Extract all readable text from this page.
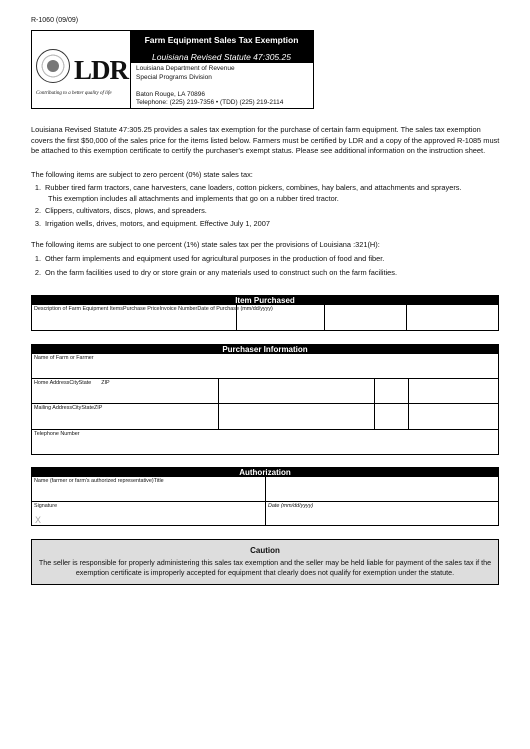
R-1060 (09/09)
LDR
Contributing to a better quality of life
Farm Equipment Sales Tax Exemption
Louisiana Revised Statute 47:305.25
Louisiana Department of Revenue
Special Programs Division
Baton Rouge, LA 70896
Telephone: (225) 219-7356 • (TDD) (225) 219-2114
Louisiana Revised Statute 47:305.25 provides a sales tax exemption for the purchase of certain farm equipment. The sales tax exemption covers the first $50,000 of the sales price for the items listed below. Farmers must be certified by LDR and a copy of the approved R-1085 must be attached to this exemption certificate to certify the purchaser's exempt status. Please see additional information on the instruction sheet.
The following items are subject to zero percent (0%) state sales tax:
1. Rubber tired farm tractors, cane harvesters, cane loaders, cotton pickers, combines, hay balers, and attachments and sprayers.
This exemption includes all attachments and implements that go on a rubber tired tractor.
2. Clippers, cultivators, discs, plows, and spreaders.
3. Irrigation wells, drives, motors, and equipment. Effective July 1, 2007
The following items are subject to one percent (1%) state sales tax per the provisions of Louisiana :321(H):
1. Other farm implements and equipment used for agricultural purposes in the production of food and fiber.
2. On the farm facilities used to dry or store grain or any materials used to construct such on the farm facilities.
Item Purchased
Description of Farm Equipment ItemsPurchase PriceInvoice NumberDate of Purchase (mm/dd/yyyy)
Purchaser Information
Name of Farm or Farmer
Home AddressCityState ZIP
Mailing AddressCityStateZIP
Telephone Number
Authorization
Name (farmer or farm's authorized representative)Title
Signature
X
Date (mm/dd/yyyy)
Caution
The seller is responsible for properly administering this sales tax exemption and the seller may be held liable for payment of the sales tax if the exemption certificate is improperly accepted for equipment that clearly does not qualify for exemption under the statute.
